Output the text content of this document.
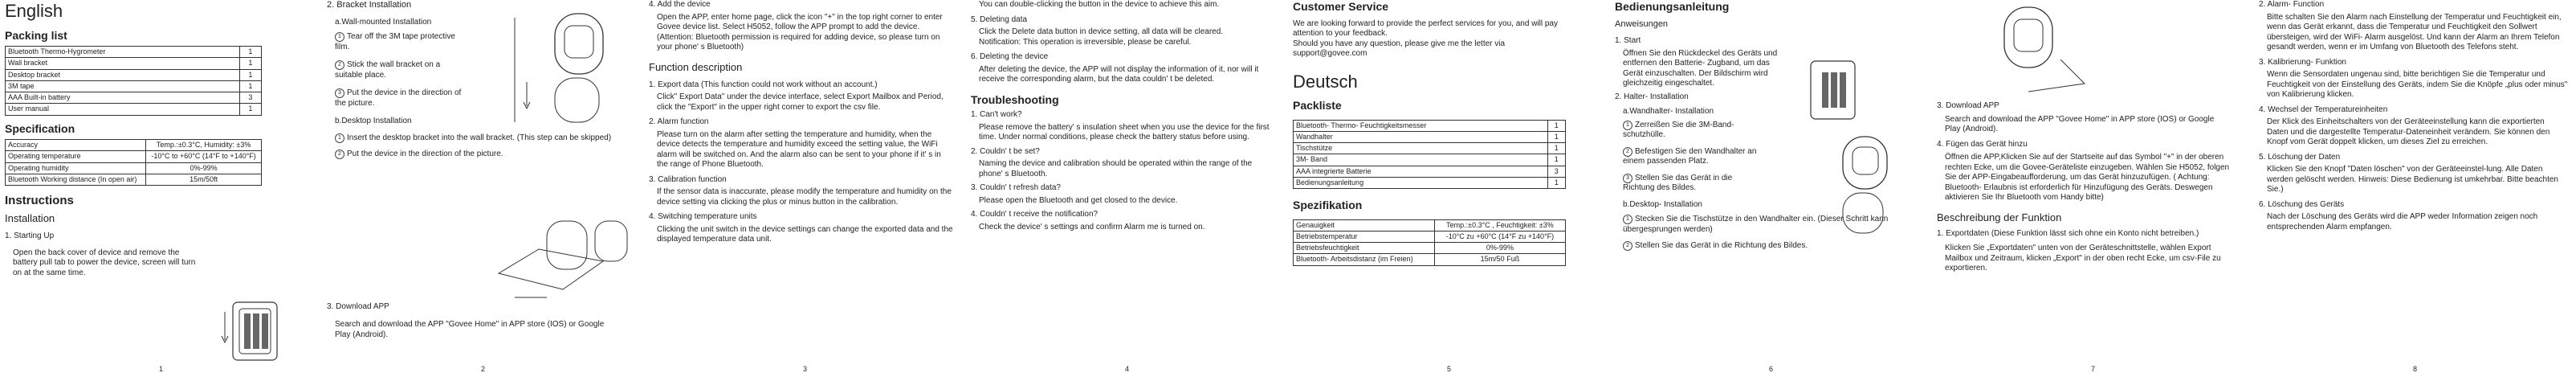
English
Packing list
Bluetooth Thermo-Hygrometer	1
Wall bracket	1
Desktop bracket	1
3M tape	1
AAA Built-in battery	3
User manual	1
Specification
Accuracy	Temp.:±0.3°C, Humidity: ±3%
Operating temperature	-10°C to +60°C (14°F to +140°F)
Operating humidity	0%-99%
Bluetooth Working distance (In open air)	15m/50ft
Instructions
Installation

1. Starting Up

Open the back cover of device and remove the battery pull tab to power the device, screen will turn on at the same time.

1

2. Bracket Installation

a.Wall-mounted Installation

1 Tear off the 3M tape protective film.

2 Stick the wall bracket on a suitable place.

3 Put the device in the direction of the picture.

b.Desktop Installation

1 Insert the desktop bracket into the wall bracket. (This step can be skipped)

2 Put the device in the direction of the picture.

3. Download APP

Search and download the APP "Govee Home" in APP store (IOS) or Google Play (Android).

2

4. Add the device

Open the APP, enter home page, click the icon "+" in the top right corner to enter Govee device list. Select H5052, follow the APP prompt to add the device. (Attention: Bluetooth permission is required for adding device, so please turn on your phone' s Bluetooth)

Function description

1. Export data (This function could not work without an account.)

Click" Export Data" under the device interface, select Export Mailbox and Period, click the "Export" in the upper right corner to export the csv file.

2. Alarm function

Please turn on the alarm after setting the temperature and humidity, when the device detects the temperature and humidity exceed the setting value, the WiFi alarm will be switched on. And the alarm also can be sent to your phone if it' s in the range of Phone Bluetooth.

3. Calibration function

If the sensor data is inaccurate, please modify the temperature and humidity on the device setting via clicking the plus or minus button in the calibration.

4. Switching temperature units

Clicking the unit switch in the device settings can change the exported data and the displayed temperature data unit.

3

You can double-clicking the button in the device to achieve this aim.

5. Deleting data

Click the Delete data button in device setting, all data will be cleared.
Notification: This operation is irreversible, please be careful.

6. Deleting the device

After deleting the device, the APP will not display the information of it, nor will it receive the corresponding alarm, but the data couldn' t be deleted.

Troubleshooting

1. Can't work?

Please remove the battery' s insulation sheet when you use the device for the first time. Under normal conditions, please check the battery status before using.

2. Couldn' t be set?

Naming the device and calibration should be operated within the range of the phone' s Bluetooth.

3. Couldn' t refresh data?

Please open the Bluetooth and get closed to the device.

4. Couldn' t receive the notification?

Check the device' s settings and confirm Alarm me is turned on.

4
Customer Service

We are looking forward to provide the perfect services for you, and will pay attention to your feedback.
Should you have any question, please give me the letter via support@govee.com

Deutsch
Packliste
Bluetooth- Thermo- Feuchtigkeitsmesser	1
Wandhalter	1
Tischstütze	1
3M- Band	1
AAA integrierte Batterie	3
Bedienungsanleitung	1
Spezifikation
Genauigkeit	Temp.:±0.3°C , Feuchtigkeit: ±3%
Betriebstemperatur	-10°C zu +60°C (14°F zu +140°F)
Betriebsfeuchtigkeit	0%-99%
Bluetooth- Arbeitsdistanz (im Freien)	15m/50 Fuß
5
Bedienungsanleitung

Anweisungen

1. Start

Öffnen Sie den Rückdeckel des Geräts und entfernen den Batterie- Zugband, um das Gerät einzuschalten. Der Bildschirm wird gleichzeitig eingeschaltet.

2. Halter- Installation

a.Wandhalter- Installation

1 Zerreißen Sie die 3M-Band-schutzhülle.

2 Befestigen Sie den Wandhalter an einem passenden Platz.

3 Stellen Sie das Gerät in die Richtung des Bildes.

b.Desktop- Installation

1 Stecken Sie die Tischstütze in den Wandhalter ein. (Dieser Schritt kann übergesprungen werden)

2 Stellen Sie das Gerät in die Richtung des Bildes.

6

3. Download APP

Search and download the APP "Govee Home" in APP store (IOS) or Google Play (Android).

4. Fügen das Gerät hinzu

Öffnen die APP,Klicken Sie auf der Startseite auf das Symbol "+" in der oberen rechten Ecke, um die Govee-Geräteliste einzugeben. Wählen Sie H5052, folgen Sie der APP-Eingabeaufforderung, um das Gerät hinzuzufügen. ( Achtung: Bluetooth- Erlaubnis ist erforderlich für Hinzufügung des Geräts. Deswegen aktivieren Sie Ihr Bluetooth vom Handy bitte)

Beschreibung der Funktion

1. Exportdaten (Diese Funktion lässt sich ohne ein Konto nicht betreiben.)

Klicken Sie „Exportdaten" unten von der Geräteschnittstelle, wählen Export Mailbox und Zeitraum, klicken „Export" in der oben recht Ecke, um csv-File zu exportieren.

7

2. Alarm- Function

Bitte schalten Sie den Alarm nach Einstellung der Temperatur und Feuchtigkeit ein, wenn das Gerät erkannt, dass die Temperatur und Feuchtigkeit den Sollwert übersteigen, wird der WiFi- Alarm ausgelöst. Und kann der Alarm an Ihrem Telefon gesandt werden, wenn er im Umfang von Bluetooth des Telefons steht.

3. Kalibrierung- Funktion

Wenn die Sensordaten ungenau sind, bitte berichtigen Sie die Temperatur und Feuchtigkeit von der Einstellung des Geräts, indem Sie die Knöpfe „plus oder minus" von Kalibrierung klicken.

4. Wechsel der Temperatureinheiten

Der Klick des Einheitschalters von der Geräteeinstellung kann die exportierten Daten und die dargestellte Temperatur-Dateneinheit verändern. Sie können den Knopf vom Gerät doppelt klicken, um dieses Ziel zu erreichen.

5. Löschung der Daten

Klicken Sie den Knopf "Daten löschen" von der Geräteeinstel-lung. Alle Daten werden gelöscht werden. Hinweis: Diese Bedienung ist umkehrbar. Bitte beachten Sie.)

6. Löschung des Geräts

Nach der Löschung des Geräts wird die APP weder Information zeigen noch entsprechenden Alarm empfangen.

8
